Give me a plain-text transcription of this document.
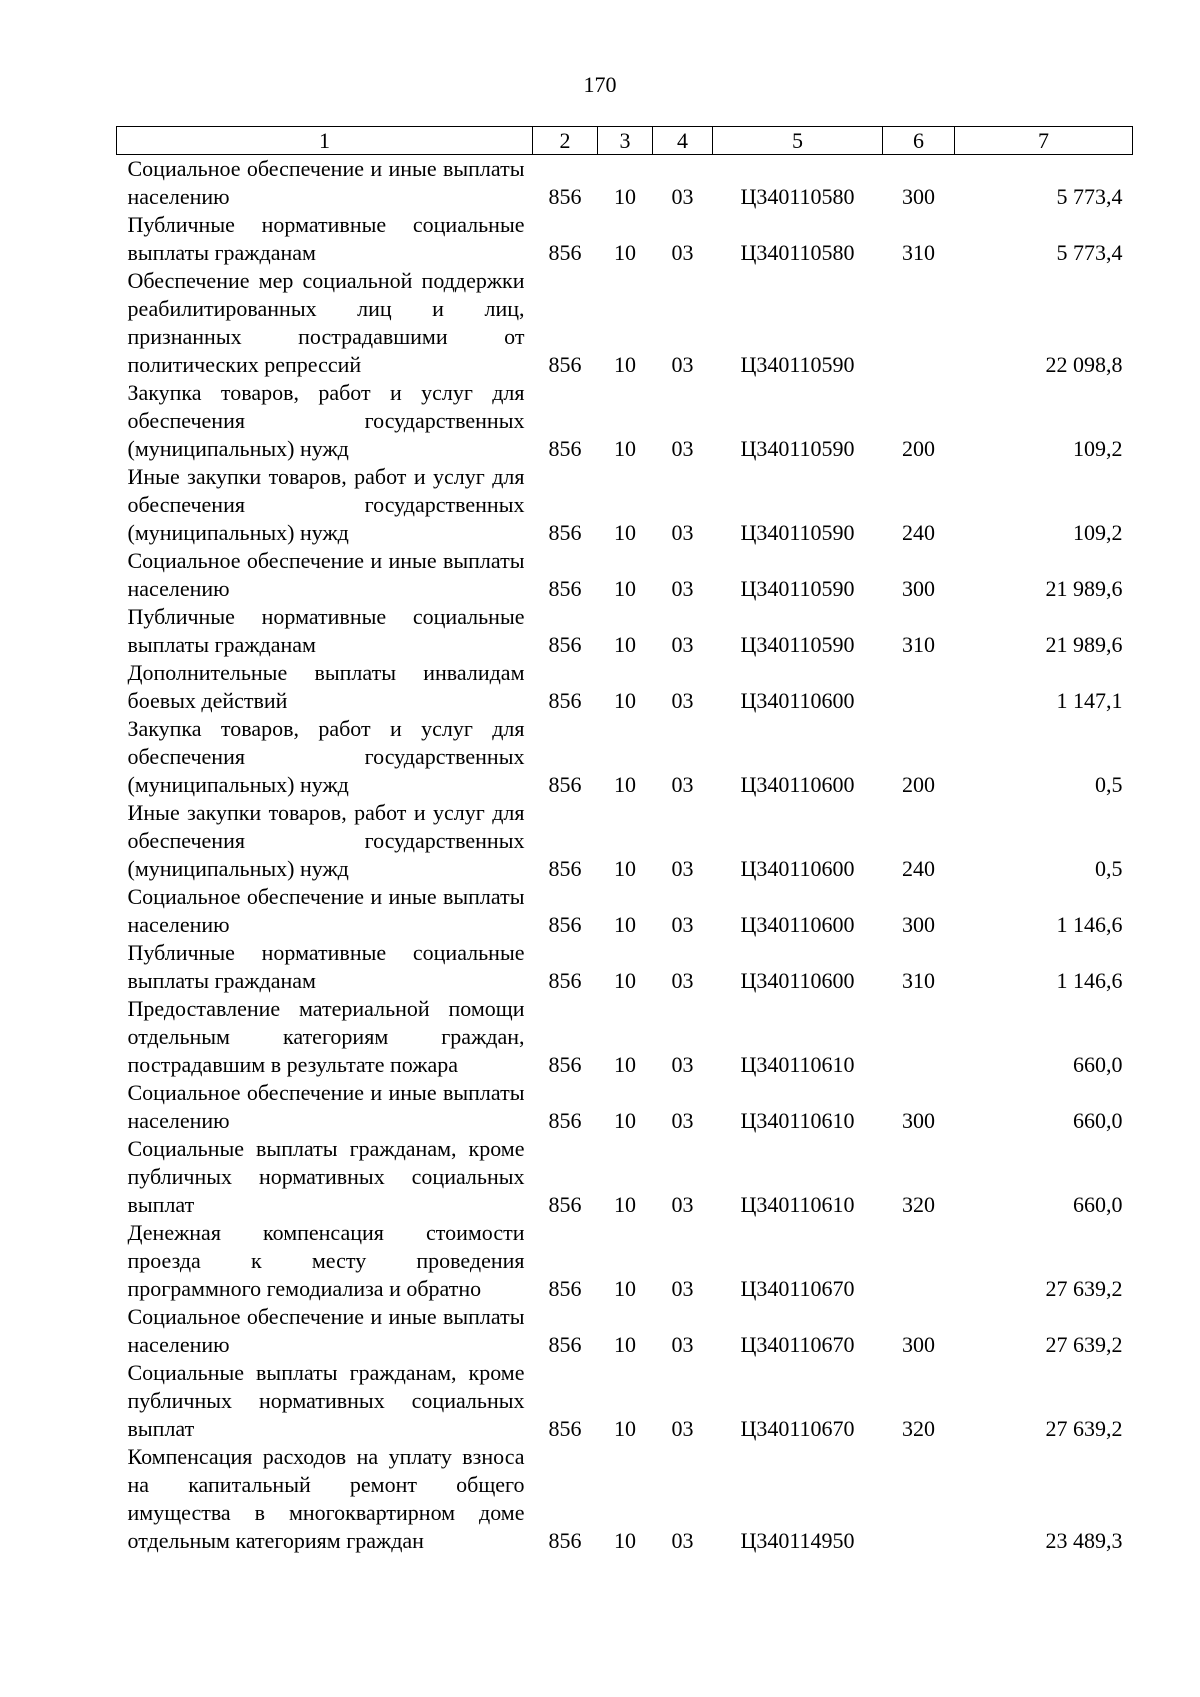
170
1	2	3	4	5	6	7
Социальное обеспечение и иные выплаты населению	856	10	03	Ц340110580	300	5 773,4
Публичные нормативные социальные выплаты гражданам	856	10	03	Ц340110580	310	5 773,4
Обеспечение мер социальной поддержки реабилитированных лиц и лиц, признанных пострадавшими от политических репрессий	856	10	03	Ц340110590		22 098,8
Закупка товаров, работ и услуг для обеспечения государственных (муниципальных) нужд	856	10	03	Ц340110590	200	109,2
Иные закупки товаров, работ и услуг для обеспечения государственных (муниципальных) нужд	856	10	03	Ц340110590	240	109,2
Социальное обеспечение и иные выплаты населению	856	10	03	Ц340110590	300	21 989,6
Публичные нормативные социальные выплаты гражданам	856	10	03	Ц340110590	310	21 989,6
Дополнительные выплаты инвалидам боевых действий	856	10	03	Ц340110600		1 147,1
Закупка товаров, работ и услуг для обеспечения государственных (муниципальных) нужд	856	10	03	Ц340110600	200	0,5
Иные закупки товаров, работ и услуг для обеспечения государственных (муниципальных) нужд	856	10	03	Ц340110600	240	0,5
Социальное обеспечение и иные выплаты населению	856	10	03	Ц340110600	300	1 146,6
Публичные нормативные социальные выплаты гражданам	856	10	03	Ц340110600	310	1 146,6
Предоставление материальной помощи отдельным категориям граждан, пострадавшим в результате пожара	856	10	03	Ц340110610		660,0
Социальное обеспечение и иные выплаты населению	856	10	03	Ц340110610	300	660,0
Социальные выплаты гражданам, кроме публичных нормативных социальных выплат	856	10	03	Ц340110610	320	660,0
Денежная компенсация стоимости проезда к месту проведения программного гемодиализа и обратно	856	10	03	Ц340110670		27 639,2
Социальное обеспечение и иные выплаты населению	856	10	03	Ц340110670	300	27 639,2
Социальные выплаты гражданам, кроме публичных нормативных социальных выплат	856	10	03	Ц340110670	320	27 639,2
Компенсация расходов на уплату взноса на капитальный ремонт общего имущества в многоквартирном доме отдельным категориям граждан	856	10	03	Ц340114950		23 489,3
